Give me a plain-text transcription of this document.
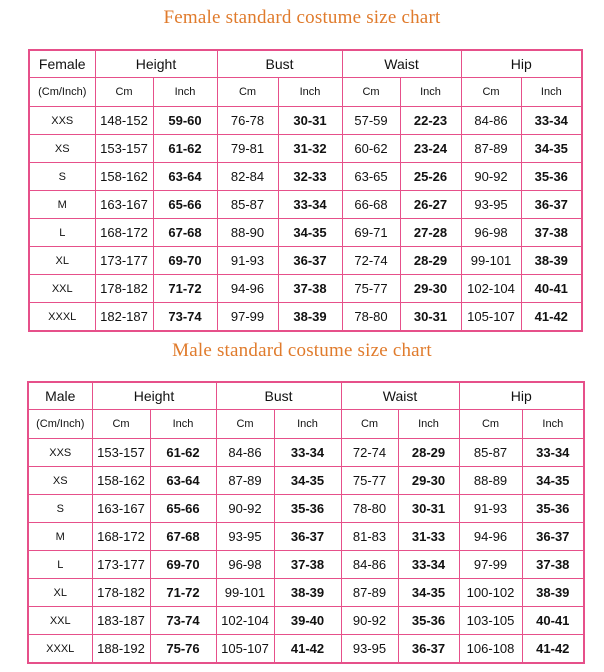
Female standard costume size chart
Female	Height		Bust		Waist		Hip	
(Cm/Inch)	Cm	Inch	Cm	Inch	Cm	Inch	Cm	Inch
XXS	148-152	59-60	76-78	30-31	57-59	22-23	84-86	33-34
XS	153-157	61-62	79-81	31-32	60-62	23-24	87-89	34-35
S	158-162	63-64	82-84	32-33	63-65	25-26	90-92	35-36
M	163-167	65-66	85-87	33-34	66-68	26-27	93-95	36-37
L	168-172	67-68	88-90	34-35	69-71	27-28	96-98	37-38
XL	173-177	69-70	91-93	36-37	72-74	28-29	99-101	38-39
XXL	178-182	71-72	94-96	37-38	75-77	29-30	102-104	40-41
XXXL	182-187	73-74	97-99	38-39	78-80	30-31	105-107	41-42
Male standard costume size chart
Male	Height		Bust		Waist		Hip	
(Cm/Inch)	Cm	Inch	Cm	Inch	Cm	Inch	Cm	Inch
XXS	153-157	61-62	84-86	33-34	72-74	28-29	85-87	33-34
XS	158-162	63-64	87-89	34-35	75-77	29-30	88-89	34-35
S	163-167	65-66	90-92	35-36	78-80	30-31	91-93	35-36
M	168-172	67-68	93-95	36-37	81-83	31-33	94-96	36-37
L	173-177	69-70	96-98	37-38	84-86	33-34	97-99	37-38
XL	178-182	71-72	99-101	38-39	87-89	34-35	100-102	38-39
XXL	183-187	73-74	102-104	39-40	90-92	35-36	103-105	40-41
XXXL	188-192	75-76	105-107	41-42	93-95	36-37	106-108	41-42
